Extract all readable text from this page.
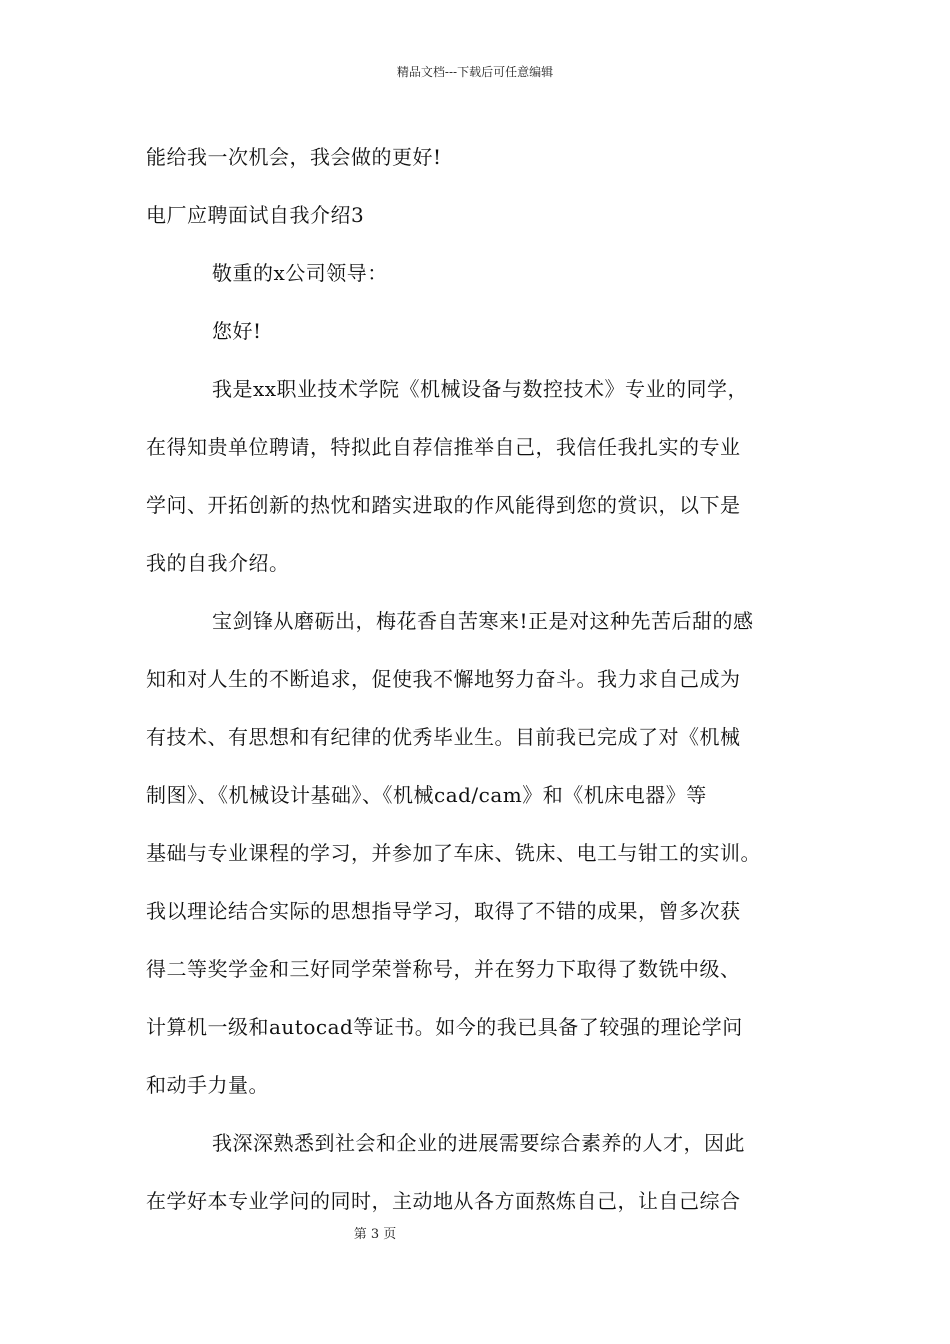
精品文档---下载后可任意编辑
能给我一次机会，我会做的更好!
电厂应聘面试自我介绍3
敬重的x公司领导：
您好!
我是xx职业技术学院《机械设备与数控技术》专业的同学，
在得知贵单位聘请，特拟此自荐信推举自己，我信任我扎实的专业
学问、开拓创新的热忱和踏实进取的作风能得到您的赏识，以下是
我的自我介绍。
宝剑锋从磨砺出，梅花香自苦寒来!正是对这种先苦后甜的感
知和对人生的不断追求，促使我不懈地努力奋斗。我力求自己成为
有技术、有思想和有纪律的优秀毕业生。目前我已完成了对《机械
制图》、《机械设计基础》、《机械cad/cam》和《机床电器》等
基础与专业课程的学习，并参加了车床、铣床、电工与钳工的实训。
我以理论结合实际的思想指导学习，取得了不错的成果，曾多次获
得二等奖学金和三好同学荣誉称号，并在努力下取得了数铣中级、
计算机一级和autocad等证书。如今的我已具备了较强的理论学问
和动手力量。
我深深熟悉到社会和企业的进展需要综合素养的人才，因此
在学好本专业学问的同时，主动地从各方面熬炼自己，让自己综合
第 3 页
